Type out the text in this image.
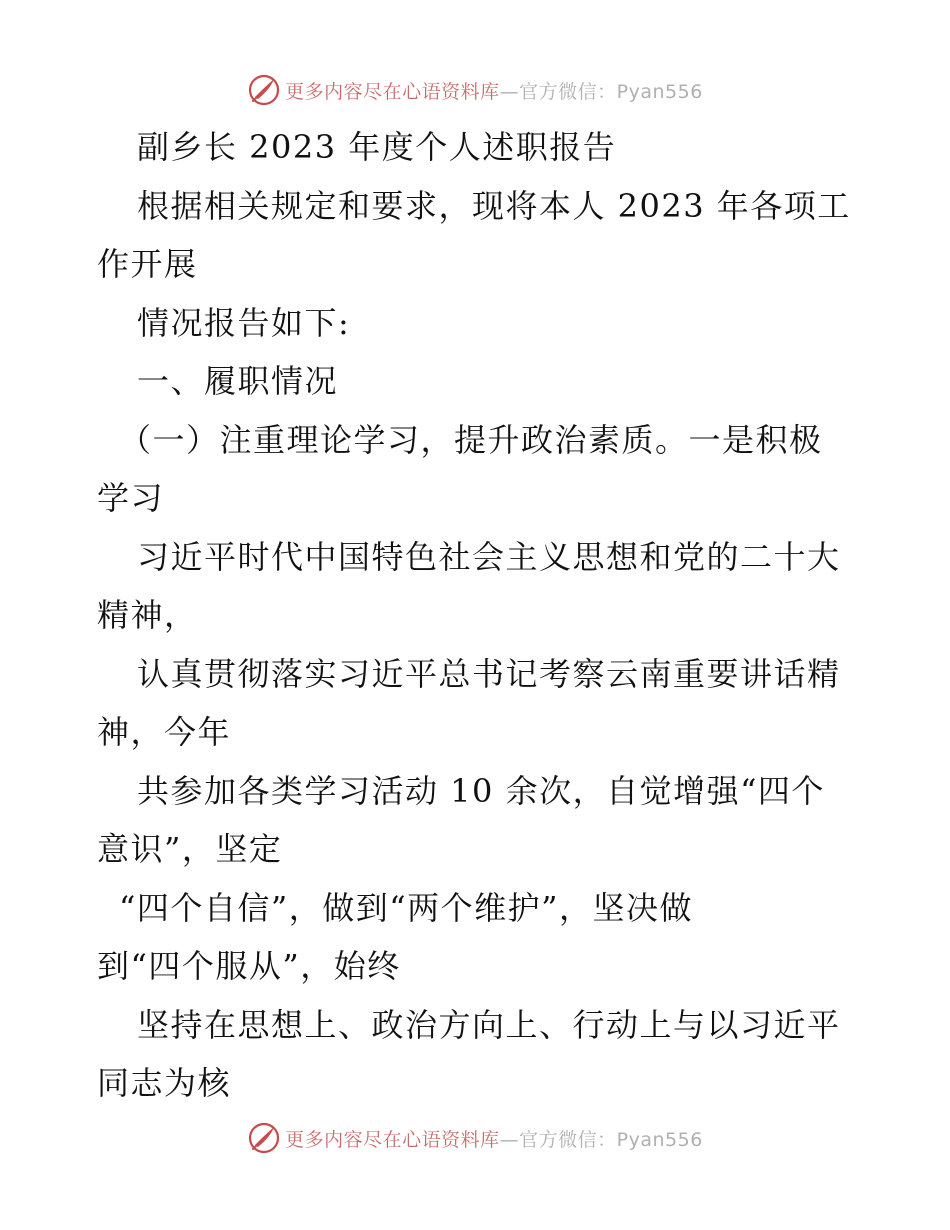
更多内容尽在心语资料库—官方微信：Pyan556
副乡长 2023 年度个人述职报告
根据相关规定和要求，现将本人 2023 年各项工
作开展
情况报告如下:
一、履职情况
（一）注重理论学习，提升政治素质。一是积极
学习
习近平时代中国特色社会主义思想和党的二十大
精神，
认真贯彻落实习近平总书记考察云南重要讲话精
神，今年
共参加各类学习活动 10 余次，自觉增强“四个
意识”，坚定
“四个自信”，做到“两个维护”，坚决做
到“四个服从”，始终
坚持在思想上、政治方向上、行动上与以习近平
同志为核
更多内容尽在心语资料库—官方微信：Pyan556
